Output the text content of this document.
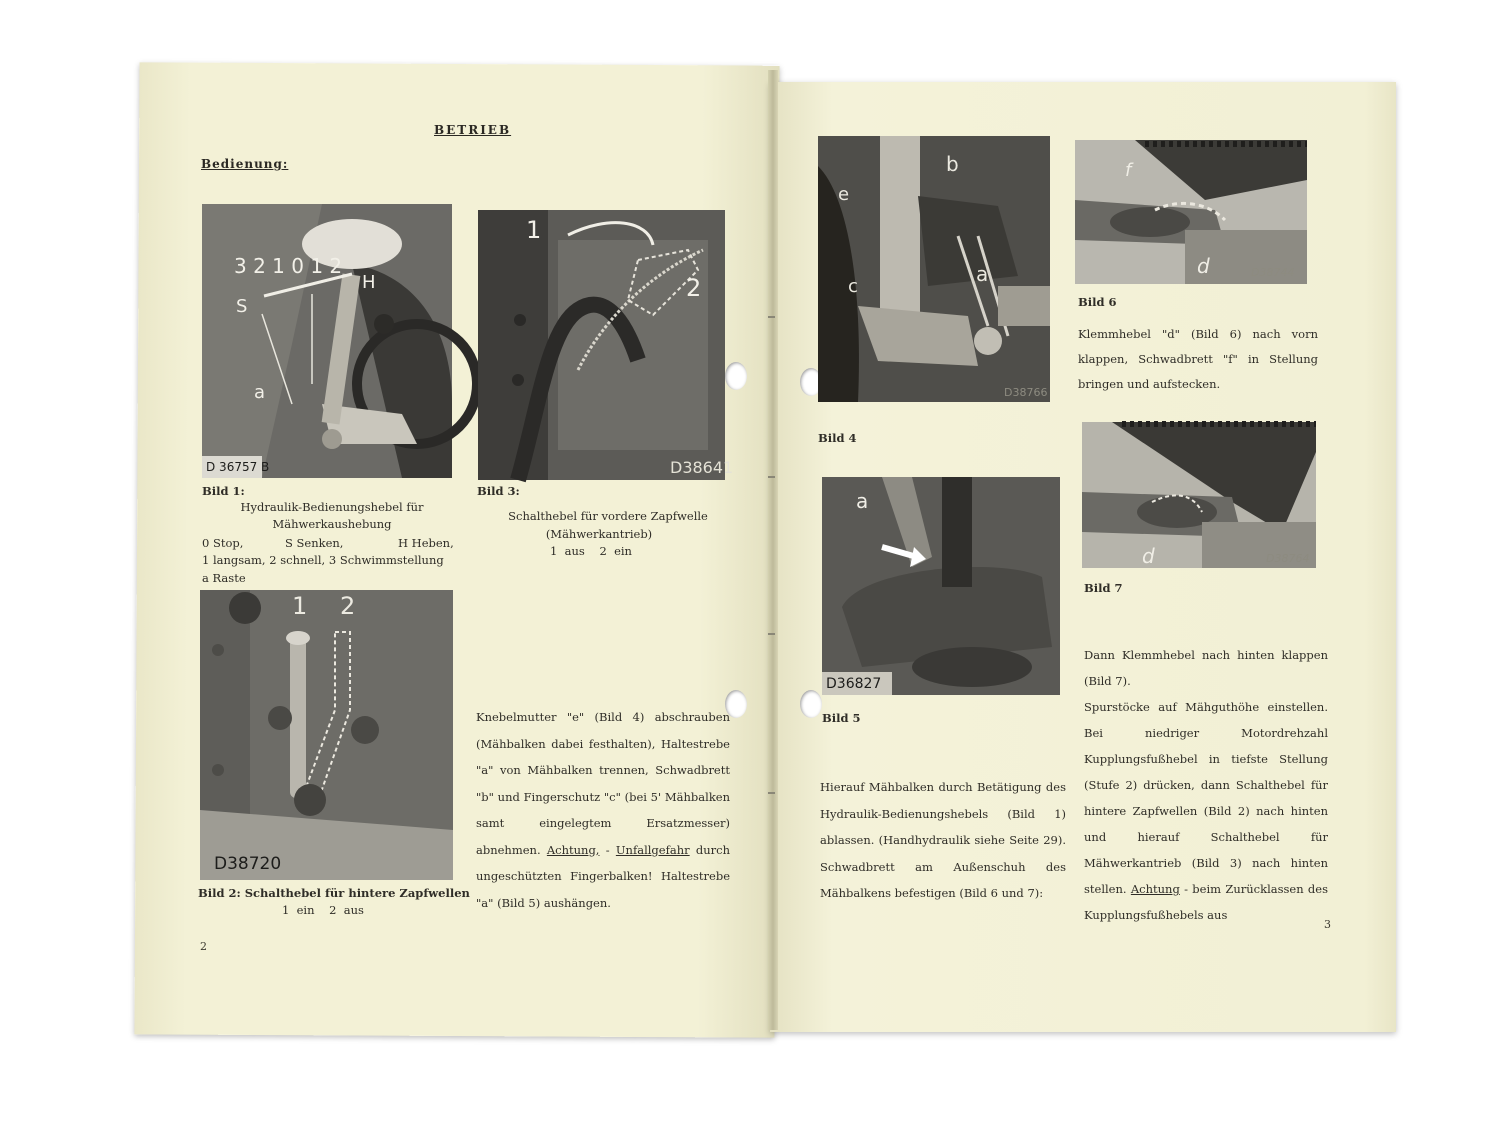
BETRIEB
Bedienung:
3 2 1 0 1 2
S
H
a
D 36757 B
Bild 1:
Hydraulik-Bedienungshebel für
Mähwerkaushebung
0 Stop,	S Senken,	H Heben,
1 langsam, 2 schnell, 3 Schwimmstellung
a Raste
1
2
D38641
Bild 3:
Schalthebel für vordere Zapfwelle
(Mähwerkantrieb)
1  aus    2  ein
1 2
D38720
Bild 2: Schalthebel für hintere Zapfwellen
1  ein    2  aus
Knebelmutter "e" (Bild 4) abschrauben (Mähbalken dabei festhalten), Haltestrebe "a" von Mähbalken trennen, Schwadbrett "b" und Fingerschutz "c" (bei 5' Mähbalken samt eingelegtem Ersatzmesser) abnehmen. Achtung, - Unfallgefahr durch ungeschützten Fingerbalken! Haltestrebe "a" (Bild 5) aushängen.
2
b
e
a
c
D38766
Bild 4
f
d	D38744
Bild 6
Klemmhebel "d" (Bild 6) nach vorn klappen, Schwadbrett "f" in Stellung bringen und aufstecken.
d	D38764
Bild 7
a
D36827
Bild 5
Hierauf Mähbalken durch Betätigung des Hydraulik-Bedienungshebels (Bild 1) ablassen. (Handhydraulik siehe Seite 29). Schwadbrett am Außenschuh des Mähbalkens befestigen (Bild 6 und 7):
Dann Klemmhebel nach hinten klappen (Bild 7).
Spurstöcke auf Mähguthöhe einstellen. Bei niedriger Motordrehzahl Kupplungsfußhebel in tiefste Stellung (Stufe 2) drücken, dann Schalthebel für hintere Zapfwellen (Bild 2) nach hinten und hierauf Schalthebel für Mähwerkantrieb (Bild 3) nach hinten stellen. Achtung - beim Zurücklassen des Kupplungsfußhebels aus
3
